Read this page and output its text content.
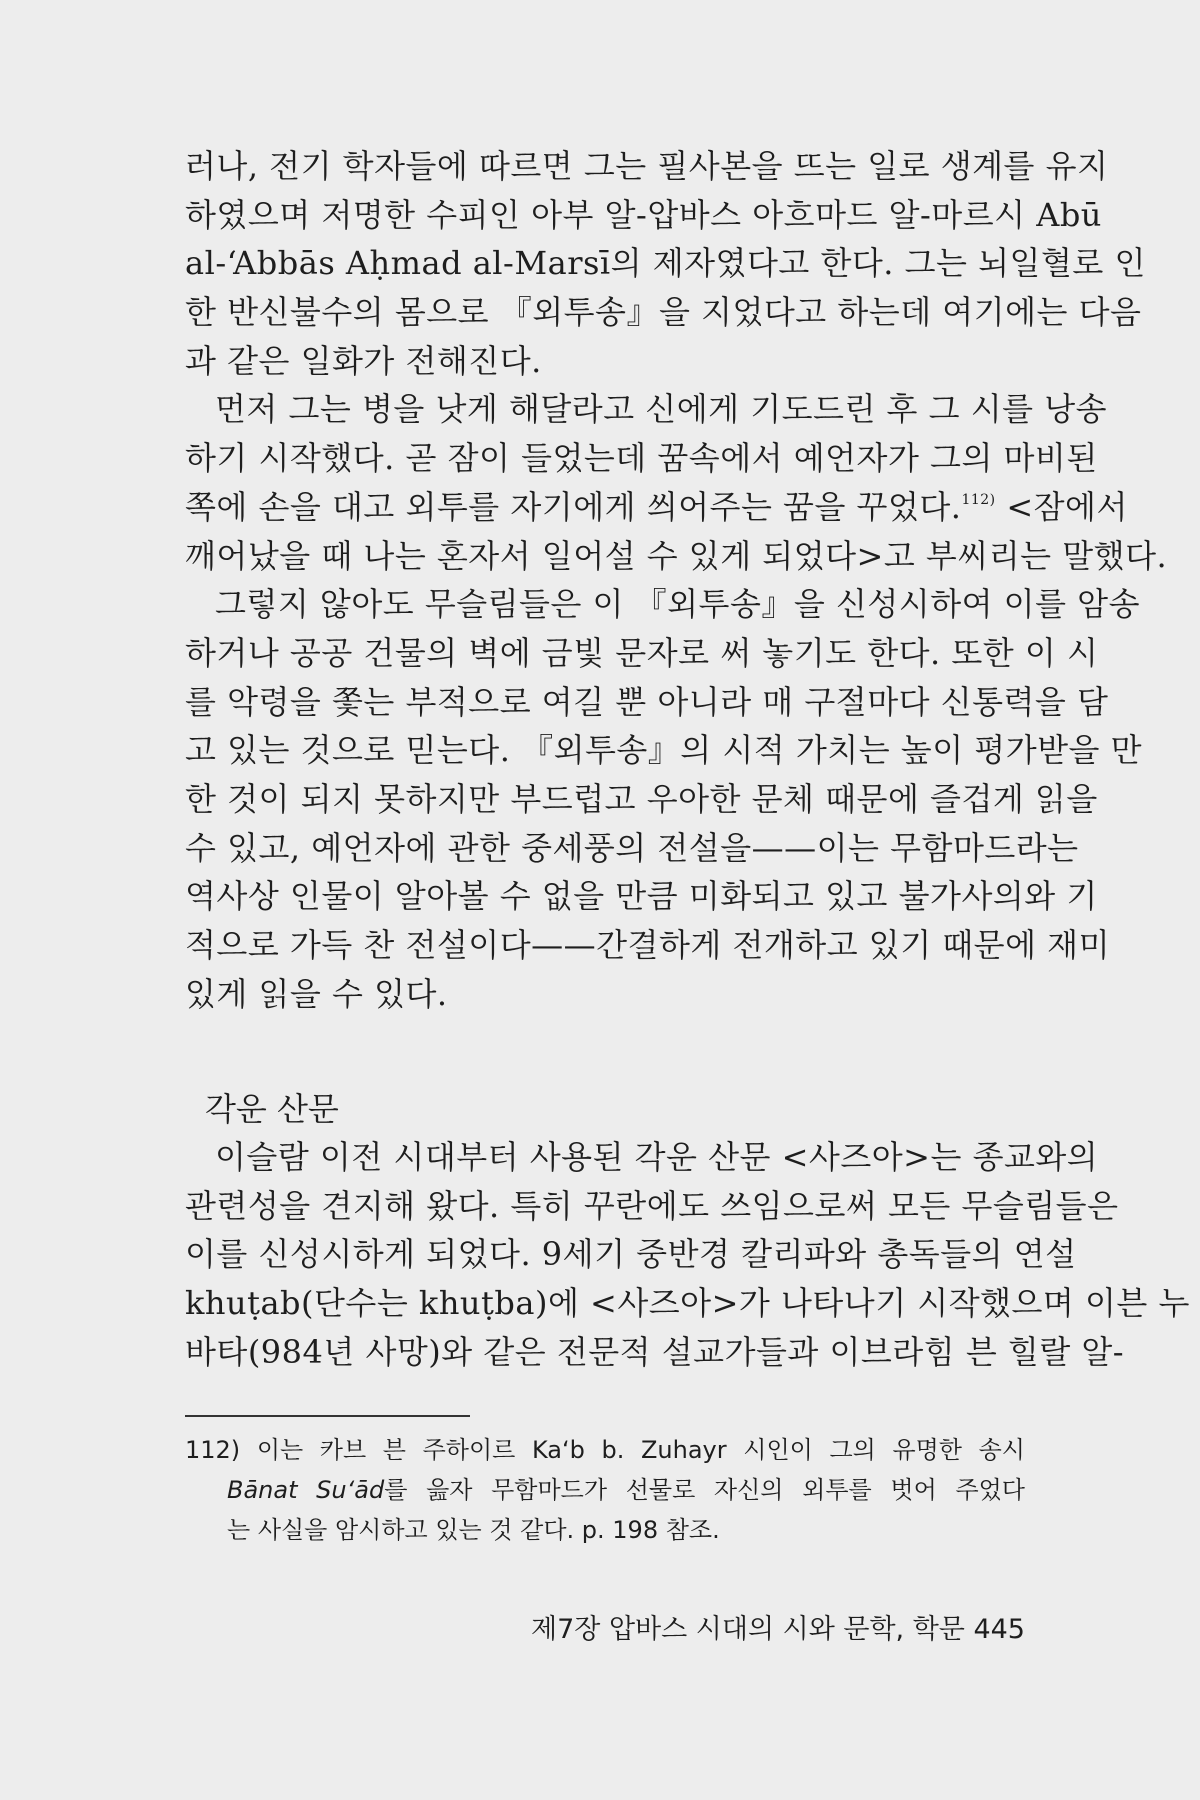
러나, 전기 학자들에 따르면 그는 필사본을 뜨는 일로 생계를 유지
하였으며 저명한 수피인 아부 알-압바스 아흐마드 알-마르시 Abū
al-‘Abbās Aḥmad al-Marsī의 제자였다고 한다. 그는 뇌일혈로 인
한 반신불수의 몸으로 『외투송』을 지었다고 하는데 여기에는 다음
과 같은 일화가 전해진다.
먼저 그는 병을 낫게 해달라고 신에게 기도드린 후 그 시를 낭송
하기 시작했다. 곧 잠이 들었는데 꿈속에서 예언자가 그의 마비된
쪽에 손을 대고 외투를 자기에게 씌어주는 꿈을 꾸었다.$^{112)}$ <잠에서
깨어났을 때 나는 혼자서 일어설 수 있게 되었다>고 부씨리는 말했다.
그렇지 않아도 무슬림들은 이 『외투송』을 신성시하여 이를 암송
하거나 공공 건물의 벽에 금빛 문자로 써 놓기도 한다. 또한 이 시
를 악령을 쫓는 부적으로 여길 뿐 아니라 매 구절마다 신통력을 담
고 있는 것으로 믿는다. 『외투송』의 시적 가치는 높이 평가받을 만
한 것이 되지 못하지만 부드럽고 우아한 문체 때문에 즐겁게 읽을
수 있고, 예언자에 관한 중세풍의 전설을——이는 무함마드라는
역사상 인물이 알아볼 수 없을 만큼 미화되고 있고 불가사의와 기
적으로 가득 찬 전설이다——간결하게 전개하고 있기 때문에 재미
있게 읽을 수 있다.
각운 산문
이슬람 이전 시대부터 사용된 각운 산문 <사즈아>는 종교와의
관련성을 견지해 왔다. 특히 꾸란에도 쓰임으로써 모든 무슬림들은
이를 신성시하게 되었다. 9세기 중반경 칼리파와 총독들의 연설
khuṭab(단수는 khuṭba)에 <사즈아>가 나타나기 시작했으며 이븐 누
바타(984년 사망)와 같은 전문적 설교가들과 이브라힘 븐 힐랄 알-
112) 이는 카브 븐 주하이르 Ka‘b b. Zuhayr 시인이 그의 유명한 송시
Bānat Su‘ād를 읊자 무함마드가 선물로 자신의 외투를 벗어 주었다
는 사실을 암시하고 있는 것 같다. p. 198 참조.
제7장 압바스 시대의 시와 문학, 학문 445
